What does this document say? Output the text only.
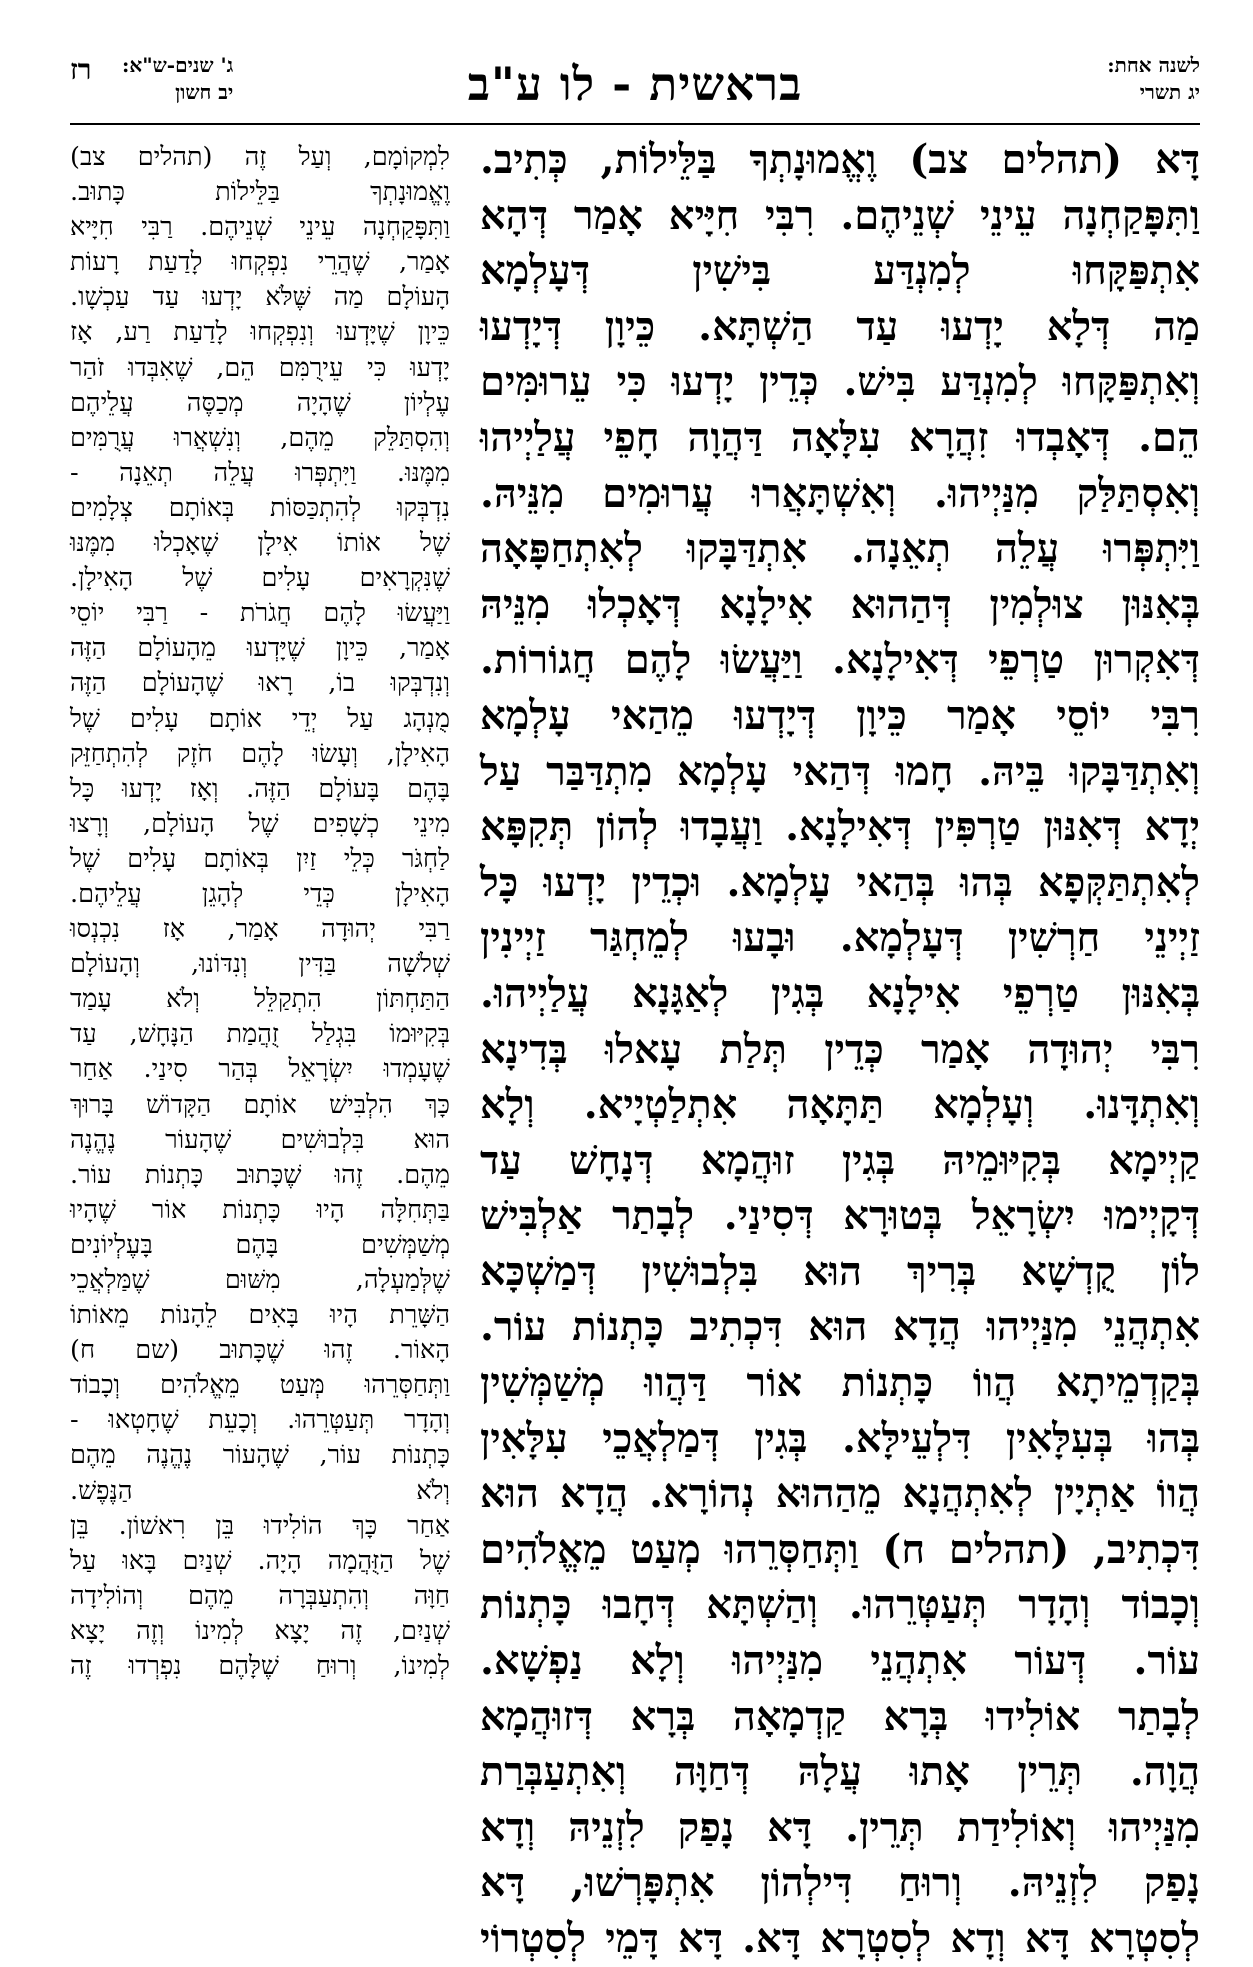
לשנה אחת:
יג תשרי
בראשית - לו ע"ב
ג' שנים-ש"א:
יב חשון
רז

דָּא (תהלים צב) וֶאֱמוּנָתְךָ בַּלֵּילוֹת, כְּתִיב.

וַתִּפָּקַחְנָה עֵינֵי שְׁנֵיהֶם. רִבִּי חִיָּיא אָמַר דְּהָא

אִתְפַּקָּחוּ לְמִנְדַּע בִּישִׁין דְּעָלְמָא

מַה דְּלָא יָדְעוּ עַד הַשְׁתָּא. כֵּיוָן דְּיָדְעוּ

וְאִתְפַּקָּחוּ לְמִנְדַּע בִּישׁ. כְּדֵין יָדְעוּ כִּי עֵרוּמִּים

הֵם. דְּאָבְדוּ זִהֲרָא עִלָּאָה דַּהֲוָה חָפֵי עֲלַיְיהוּ

וְאִסְתַּלַּק מִנַּיְיהוּ. וְאִשְׁתָּאֲרוּ עֲרוּמִים מִנֵּיהּ.

וַיִּתְפְּרוּ עֲלֵה תְאֵנָה. אִתְדַּבָּקוּ לְאִתְחַפָּאָה

בְּאִנּוּן צוּלְמִין דְּהַהוּא אִילָנָא דְּאָכְלוּ מִנֵּיהּ

דְּאִקְרוּן טַרְפֵי דְּאִילָנָא. וַיַּעֲשׂוּ לָהֶם חֲגוֹרוֹת.

רִבִּי יוֹסֵי אָמַר כֵּיוָן דְּיָדְעוּ מֵהַאי עָלְמָא

וְאִתְדַּבָּקוּ בֵּיהּ. חָמוּ דְּהַאי עָלְמָא מִתְדַּבַּר עַל

יְדָא דְּאִנּוּן טַרְפִּין דְּאִילָנָא. וַעֲבָדוּ לְהוֹן תְּקִפָּא

לְאִתְתַּקְּפָא בְּהוּ בְּהַאי עָלְמָא. וּכְדֵין יָדְעוּ כָּל

זַיְינֵי חַרְשִׁין דְּעָלְמָא. וּבָעוּ לְמֵחְגַּר זַיְינִין

בְּאִנּוּן טַרְפֵי אִילָנָא בְּגִין לְאַגָּנָא עֲלַיְיהוּ.

רִבִּי יְהוּדָה אָמַר כְּדֵין תְּלַת עָאלוּ בְּדִינָא

וְאִתְדָּנוּ. וְעָלְמָא תַּתָּאָה אִתְלַטְיָיא. וְלָא

קַיְימָא בְּקִיּוּמֵיהּ בְּגִין זוּהֲמָא דְּנָחָשׁ עַד

דְּקָיְימוּ יִשְׂרָאֵל בְּטוּרָא דְּסִינַי. לְבָתַר אַלְבִּישׁ

לוֹן קֻדְשָׁא בְּרִיךְ הוּא בִּלְבוּשִׁין דְּמַשְׁכָּא

אִתְהֲנֵי מִנַּיְיהוּ הֲדָא הוּא דִּכְתִיב כָּתְנוֹת עוֹר.

בְּקַדְמֵיתָא הֲווֹ כָּתְנוֹת אוֹר דַּהֲווּ מְשַׁמְּשִׁין

בְּהוּ בְּעִלָּאִין דִּלְעֵילָּא. בְּגִין דְּמַלְאֲכֵי עִלָּאִין

הֲווֹ אַתְיָין לְאִתְהֲנָא מֵהַהוּא נְהוֹרָא. הֲדָא הוּא

דִּכְתִיב, (תהלים ח) וַתְּחַסְּרֵהוּ מְעַט מֵאֱלֹהִים

וְכָבוֹד וְהָדָר תְּעַטְּרֵהוּ. וְהַשְׁתָּא דְּחָבוּ כָּתְנוֹת

עוֹר. דְּעוֹר אִתְהֲנֵי מִנַּיְיהוּ וְלָא נַפְשָׁא.

לְבָתַר אוֹלִידוּ בְּרָא קַדְמָאָה בְּרָא דְּזוּהֲמָא

הֲוָה. תְּרֵין אָתוּ עֲלָהּ דְּחַוָּה וְאִתְעַבְּרַת

מִנַּיְיהוּ וְאוֹלִידַת תְּרֵין. דָּא נָפַק לִזְנֵיהּ וְדָא

נָפַק לִזְנֵיהּ. וְרוּחַ דִּילְהוֹן אִתְפָּרְשׁוּ, דָּא

לְסִטְרָא דָּא וְדָא לְסִטְרָא דָּא. דָּא דָּמֵי לְסִטְרוֹי

לִמְקוֹמָם, וְעַל זֶה (תהלים צב)

וֶאֱמוּנָתְךָ בַּלֵּילוֹת כָּתוּב.

וַתִּפָּקַחְנָה עֵינֵי שְׁנֵיהֶם. רַבִּי חִיָּיא

אָמַר, שֶׁהֲרֵי נִפְקְחוּ לָדַעַת רָעוֹת

הָעוֹלָם מַה שֶּׁלֹּא יָדְעוּ עַד עַכְשָׁו.

כֵּיוָן שֶׁיָּדְעוּ וְנִפְקְחוּ לָדַעַת רַע, אָז

יָדְעוּ כִּי עֵירֻמִּם הֵם, שֶׁאִבְּדוּ זֹהַר

עֶלְיוֹן שֶׁהָיָה מְכַסֶּה עֲלֵיהֶם

וְהִסְתַּלֵּק מֵהֶם, וְנִשְׁאֲרוּ עֲרֻמִּים

מִמֶּנּוּ. וַיִּתְפְּרוּ עֲלֵה תְאֵנָה -

נִדְבְּקוּ לְהִתְכַּסּוֹת בְּאוֹתָם צְלָמִים

שֶׁל אוֹתוֹ אִילָן שֶׁאָכְלוּ מִמֶּנּוּ

שֶׁנִּקְרָאִים עָלִים שֶׁל הָאִילָן.

וַיַּעֲשׂוּ לָהֶם חֲגֹרֹת - רַבִּי יוֹסֵי

אָמַר, כֵּיוָן שֶׁיָּדְעוּ מֵהָעוֹלָם הַזֶּה

וְנִדְבְּקוּ בוֹ, רָאוּ שֶׁהָעוֹלָם הַזֶּה

מֻנְהָג עַל יְדֵי אוֹתָם עָלִים שֶׁל

הָאִילָן, וְעָשׂוּ לָהֶם חֹזֶק לְהִתְחַזֵּק

בָּהֶם בָּעוֹלָם הַזֶּה. וְאָז יָדְעוּ כָּל

מִינֵי כְשָׁפִים שֶׁל הָעוֹלָם, וְרָצוּ

לַחְגֹּר כְּלֵי זַיִן בְּאוֹתָם עָלִים שֶׁל

הָאִילָן כְּדֵי לְהָגֵן עֲלֵיהֶם.

רַבִּי יְהוּדָה אָמַר, אָז נִכְנְסוּ

שְׁלֹשָׁה בַּדִּין וְנִדּוֹנוּ, וְהָעוֹלָם

הַתַּחְתּוֹן הִתְקַלֵּל וְלֹא עָמַד

בְּקִיּוּמוֹ בִּגְלַל זֻהֲמַת הַנָּחָשׁ, עַד

שֶׁעָמְדוּ יִשְׂרָאֵל בְּהַר סִינַי. אַחַר

כָּךְ הִלְבִּישׁ אוֹתָם הַקָּדוֹשׁ בָּרוּךְ

הוּא בִּלְבוּשִׁים שֶׁהָעוֹר נֶהֱנֶה

מֵהֶם. זֶהוּ שֶׁכָּתוּב כָּתְנוֹת עוֹר.

בַּתְּחִלָּה הָיוּ כָּתְנוֹת אוֹר שֶׁהָיוּ

מְשַׁמְּשִׁים בָּהֶם בָּעֶלְיוֹנִים

שֶׁלְּמַעְלָה, מִשּׁוּם שֶׁמַּלְאֲכֵי

הַשָּׁרֵת הָיוּ בָּאִים לֵהָנוֹת מֵאוֹתוֹ

הָאוֹר. זֶהוּ שֶׁכָּתוּב (שם ח)

וַתְּחַסְּרֵהוּ מְּעַט מֵאֱלֹהִים וְכָבוֹד

וְהָדָר תְּעַטְּרֵהוּ. וְכָעֵת שֶׁחָטְאוּ -

כָּתְנוֹת עוֹר, שֶׁהָעוֹר נֶהֱנֶה מֵהֶם

וְלֹא הַנֶּפֶשׁ.

אַחַר כָּךְ הוֹלִידוּ בֵּן רִאשׁוֹן. בֵּן

שֶׁל הַזֻּהֲמָה הָיָה. שְׁנַיִם בָּאוּ עַל

חַוָּה וְהִתְעַבְּרָה מֵהֶם וְהוֹלִידָה

שְׁנַיִם, זֶה יָצָא לְמִינוֹ וְזֶה יָצָא

לְמִינוֹ, וְרוּחַ שֶׁלָּהֶם נִפְרְדוּ זֶה
